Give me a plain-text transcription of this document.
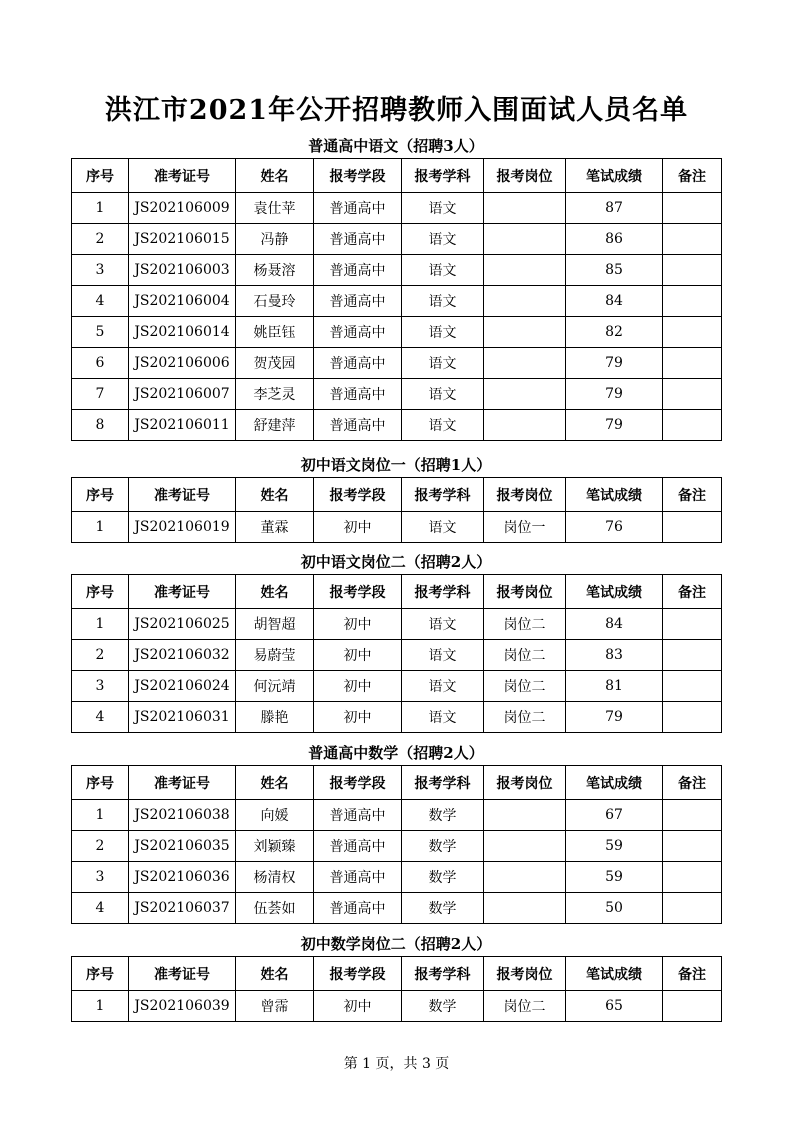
洪江市2021年公开招聘教师入围面试人员名单
普通高中语文（招聘3人）
序号	准考证号	姓名	报考学段	报考学科	报考岗位	笔试成绩	备注
1	JS202106009	袁仕苹	普通高中	语文		87	
2	JS202106015	冯静	普通高中	语文		86	
3	JS202106003	杨聂溶	普通高中	语文		85	
4	JS202106004	石曼玲	普通高中	语文		84	
5	JS202106014	姚臣钰	普通高中	语文		82	
6	JS202106006	贺茂园	普通高中	语文		79	
7	JS202106007	李芝灵	普通高中	语文		79	
8	JS202106011	舒建萍	普通高中	语文		79	
初中语文岗位一（招聘1人）
序号	准考证号	姓名	报考学段	报考学科	报考岗位	笔试成绩	备注
1	JS202106019	董霖	初中	语文	岗位一	76	
初中语文岗位二（招聘2人）
序号	准考证号	姓名	报考学段	报考学科	报考岗位	笔试成绩	备注
1	JS202106025	胡智超	初中	语文	岗位二	84	
2	JS202106032	易蔚莹	初中	语文	岗位二	83	
3	JS202106024	何沅靖	初中	语文	岗位二	81	
4	JS202106031	滕艳	初中	语文	岗位二	79	
普通高中数学（招聘2人）
序号	准考证号	姓名	报考学段	报考学科	报考岗位	笔试成绩	备注
1	JS202106038	向媛	普通高中	数学		67	
2	JS202106035	刘颖臻	普通高中	数学		59	
3	JS202106036	杨清权	普通高中	数学		59	
4	JS202106037	伍荟如	普通高中	数学		50	
初中数学岗位二（招聘2人）
序号	准考证号	姓名	报考学段	报考学科	报考岗位	笔试成绩	备注
1	JS202106039	曾霈	初中	数学	岗位二	65	
第 1 页，共 3 页
